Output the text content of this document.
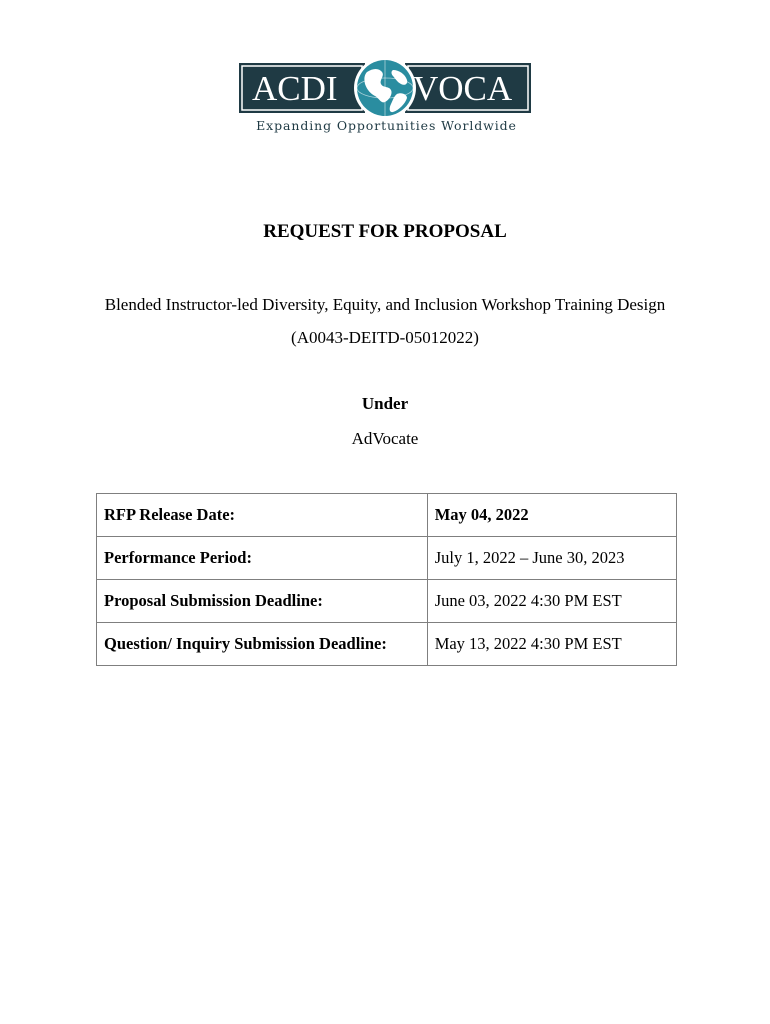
ACDI	VOCA
Expanding Opportunities Worldwide
REQUEST FOR PROPOSAL
Blended Instructor-led Diversity, Equity, and Inclusion Workshop Training Design
(A0043-DEITD-05012022)
Under
AdVocate
RFP Release Date:	May 04, 2022
Performance Period:	July 1, 2022 – June 30, 2023
Proposal Submission Deadline:	June 03, 2022 4:30 PM EST
Question/ Inquiry Submission Deadline:	May 13, 2022 4:30 PM EST
